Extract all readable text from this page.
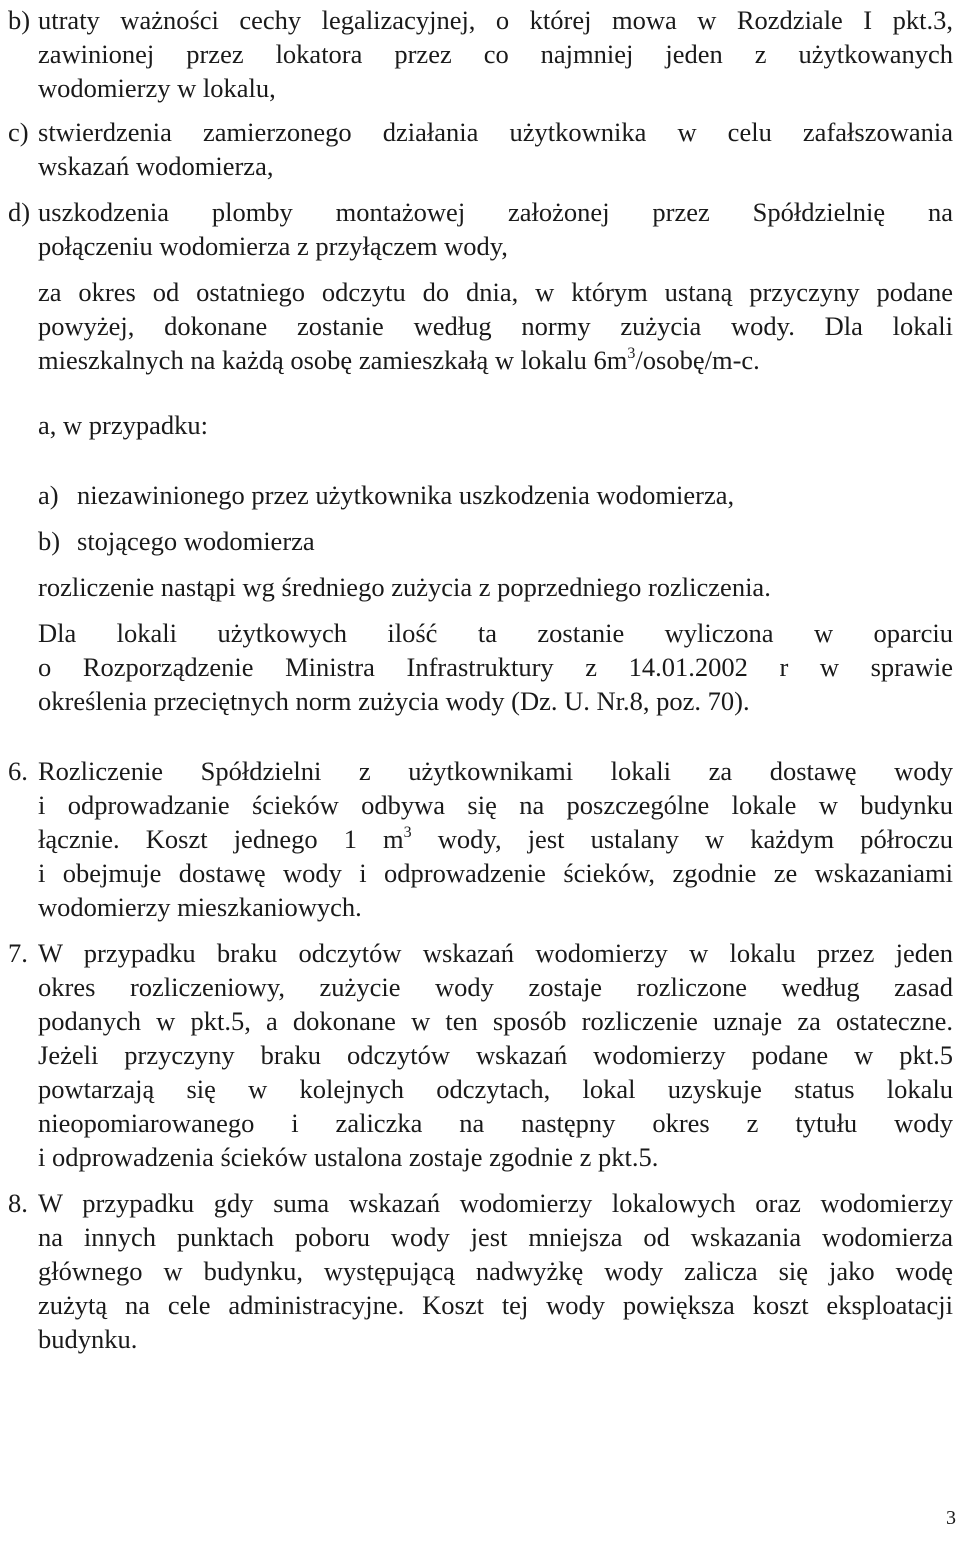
b) utraty ważności cechy legalizacyjnej, o której mowa w Rozdziale I pkt.3,

zawinionej przez lokatora przez co najmniej jeden z użytkowanych

wodomierzy w lokalu,

c) stwierdzenia zamierzonego działania użytkownika w celu zafałszowania

wskazań wodomierza,

d) uszkodzenia plomby montażowej założonej przez Spółdzielnię na

połączeniu wodomierza z przyłączem wody,

za okres od ostatniego odczytu do dnia, w którym ustaną przyczyny podane

powyżej, dokonane zostanie według normy zużycia wody. Dla lokali

mieszkalnych na każdą osobę zamieszkałą w lokalu $6m^3/osobę/m-c$.

a, w przypadku:

a) niezawinionego przez użytkownika uszkodzenia wodomierza,

b) stojącego wodomierza

rozliczenie nastąpi wg średniego zużycia z poprzedniego rozliczenia.

Dla lokali użytkowych ilość ta zostanie wyliczona w oparciu

o Rozporządzenie Ministra Infrastruktury z 14.01.2002 r w sprawie

określenia przeciętnych norm zużycia wody (Dz. U. Nr.8, poz. 70).

6. Rozliczenie Spółdzielni z użytkownikami lokali za dostawę wody

i odprowadzanie ścieków odbywa się na poszczególne lokale w budynku

łącznie. Koszt jednego 1 $m^3$ wody, jest ustalany w każdym półroczu

i obejmuje dostawę wody i odprowadzenie ścieków, zgodnie ze wskazaniami

wodomierzy mieszkaniowych.

7. W przypadku braku odczytów wskazań wodomierzy w lokalu przez jeden

okres rozliczeniowy, zużycie wody zostaje rozliczone według zasad

podanych w pkt.5, a dokonane w ten sposób rozliczenie uznaje za ostateczne.

Jeżeli przyczyny braku odczytów wskazań wodomierzy podane w pkt.5

powtarzają się w kolejnych odczytach, lokal uzyskuje status lokalu

nieopomiarowanego i zaliczka na następny okres z tytułu wody

i odprowadzenia ścieków ustalona zostaje zgodnie z pkt.5.

8. W przypadku gdy suma wskazań wodomierzy lokalowych oraz wodomierzy

na innych punktach poboru wody jest mniejsza od wskazania wodomierza

głównego w budynku, występującą nadwyżkę wody zalicza się jako wodę

zużytą na cele administracyjne. Koszt tej wody powiększa koszt eksploatacji

budynku.

3
